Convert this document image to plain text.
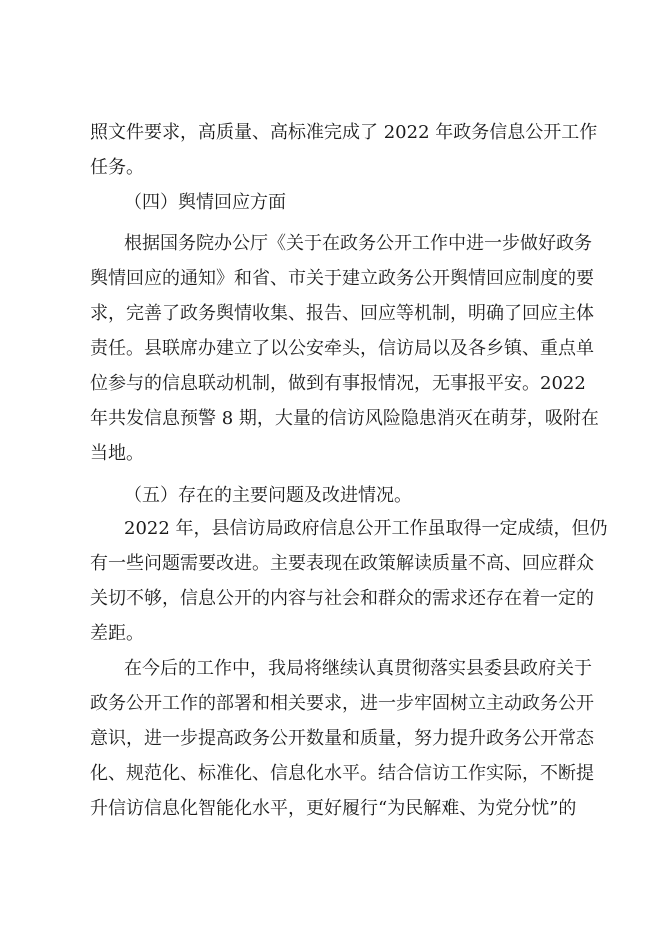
照文件要求，高质量、高标准完成了 2022 年政务信息公开工作
任务。
（四）舆情回应方面
根据国务院办公厅《关于在政务公开工作中进一步做好政务
舆情回应的通知》和省、市关于建立政务公开舆情回应制度的要
求，完善了政务舆情收集、报告、回应等机制，明确了回应主体
责任。县联席办建立了以公安牵头，信访局以及各乡镇、重点单
位参与的信息联动机制，做到有事报情况，无事报平安。2022
年共发信息预警 8 期，大量的信访风险隐患消灭在萌芽，吸附在
当地。
（五）存在的主要问题及改进情况。
2022 年，县信访局政府信息公开工作虽取得一定成绩，但仍
有一些问题需要改进。主要表现在政策解读质量不高、回应群众
关切不够，信息公开的内容与社会和群众的需求还存在着一定的
差距。
在今后的工作中，我局将继续认真贯彻落实县委县政府关于
政务公开工作的部署和相关要求，进一步牢固树立主动政务公开
意识，进一步提高政务公开数量和质量，努力提升政务公开常态
化、规范化、标准化、信息化水平。结合信访工作实际，不断提
升信访信息化智能化水平，更好履行“为民解难、为党分忧”的
